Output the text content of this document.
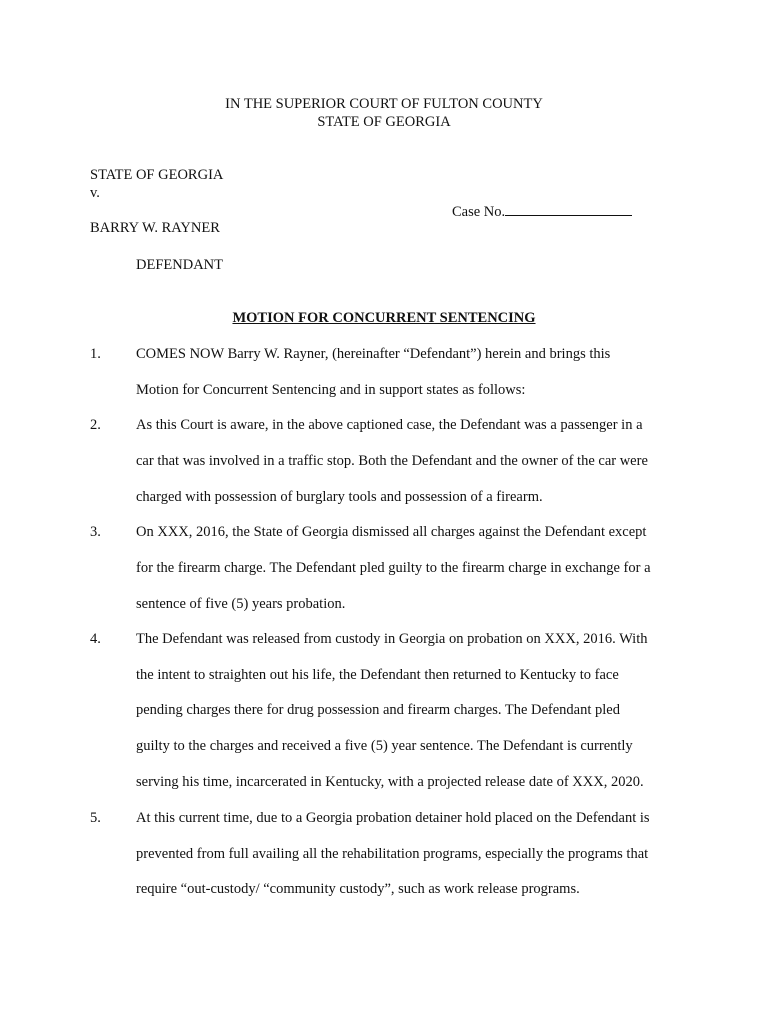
IN THE SUPERIOR COURT OF FULTON COUNTY
STATE OF GEORGIA
STATE OF GEORGIA
v.
Case No.
BARRY W. RAYNER
DEFENDANT
MOTION FOR CONCURRENT SENTENCING
1. COMES NOW Barry W. Rayner, (hereinafter “Defendant”) herein and brings this
Motion for Concurrent Sentencing and in support states as follows:
2. As this Court is aware, in the above captioned case, the Defendant was a passenger in a
car that was involved in a traffic stop. Both the Defendant and the owner of the car were
charged with possession of burglary tools and possession of a firearm.
3. On XXX, 2016, the State of Georgia dismissed all charges against the Defendant except
for the firearm charge. The Defendant pled guilty to the firearm charge in exchange for a
sentence of five (5) years probation.
4. The Defendant was released from custody in Georgia on probation on XXX, 2016. With
the intent to straighten out his life, the Defendant then returned to Kentucky to face
pending charges there for drug possession and firearm charges. The Defendant pled
guilty to the charges and received a five (5) year sentence. The Defendant is currently
serving his time, incarcerated in Kentucky, with a projected release date of XXX, 2020.
5. At this current time, due to a Georgia probation detainer hold placed on the Defendant is
prevented from full availing all the rehabilitation programs, especially the programs that
require “out-custody/ “community custody”, such as work release programs.
